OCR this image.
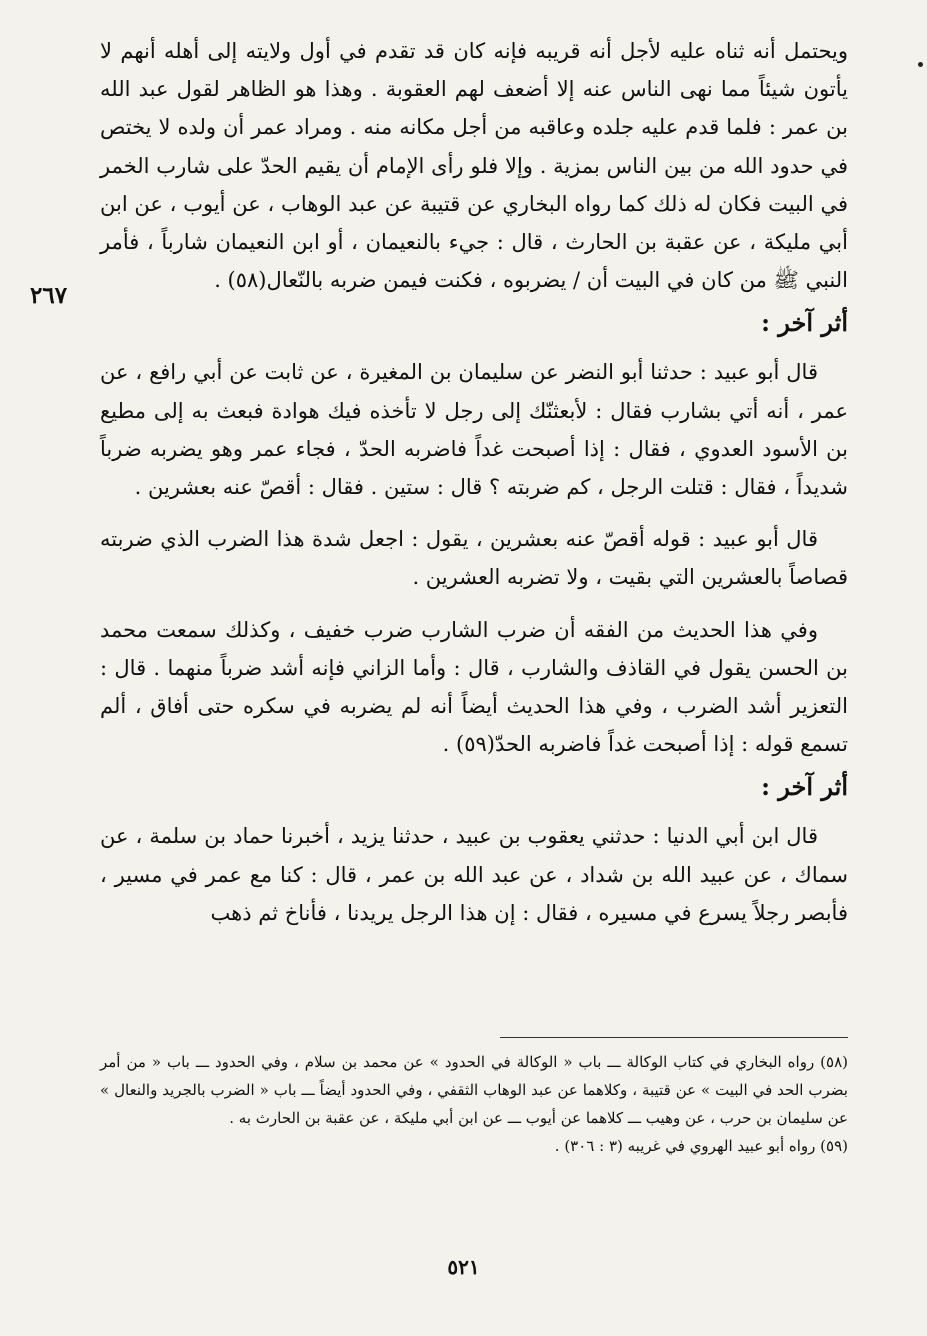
٢٦٧

ويحتمل أنه ثناه عليه لأجل أنه قريبه فإنه كان قد تقدم في أول ولايته إلى أهله أنهم لا يأتون شيئاً مما نهى الناس عنه إلا أضعف لهم العقوبة . وهذا هو الظاهر لقول عبد الله بن عمر : فلما قدم عليه جلده وعاقبه من أجل مكانه منه . ومراد عمر أن ولده لا يختص في حدود الله من بين الناس بمزية . وإلا فلو رأى الإمام أن يقيم الحدّ على شارب الخمر في البيت فكان له ذلك كما رواه البخاري عن قتيبة عن عبد الوهاب ، عن أيوب ، عن ابن أبي مليكة ، عن عقبة بن الحارث ، قال : جيء بالنعيمان ، أو ابن النعيمان شارباً ، فأمر النبي ﷺ من كان في البيت أن / يضربوه ، فكنت فيمن ضربه بالنّعال(٥٨) .

أثر آخر :

قال أبو عبيد : حدثنا أبو النضر عن سليمان بن المغيرة ، عن ثابت عن أبي رافع ، عن عمر ، أنه أتي بشارب فقال : لأبعثنّك إلى رجل لا تأخذه فيك هوادة فبعث به إلى مطيع بن الأسود العدوي ، فقال : إذا أصبحت غداً فاضربه الحدّ ، فجاء عمر وهو يضربه ضرباً شديداً ، فقال : قتلت الرجل ، كم ضربته ؟ قال : ستين . فقال : أقصّ عنه بعشرين .

قال أبو عبيد : قوله أقصّ عنه بعشرين ، يقول : اجعل شدة هذا الضرب الذي ضربته قصاصاً بالعشرين التي بقيت ، ولا تضربه العشرين .

وفي هذا الحديث من الفقه أن ضرب الشارب ضرب خفيف ، وكذلك سمعت محمد بن الحسن يقول في القاذف والشارب ، قال : وأما الزاني فإنه أشد ضرباً منهما . قال : التعزير أشد الضرب ، وفي هذا الحديث أيضاً أنه لم يضربه في سكره حتى أفاق ، ألم تسمع قوله : إذا أصبحت غداً فاضربه الحدّ(٥٩) .

أثر آخر :

قال ابن أبي الدنيا : حدثني يعقوب بن عبيد ، حدثنا يزيد ، أخبرنا حماد بن سلمة ، عن سماك ، عن عبيد الله بن شداد ، عن عبد الله بن عمر ، قال : كنا مع عمر في مسير ، فأبصر رجلاً يسرع في مسيره ، فقال : إن هذا الرجل يريدنا ، فأناخ ثم ذهب

(٥٨) رواه البخاري في كتاب الوكالة ـــ باب « الوكالة في الحدود » عن محمد بن سلام ، وفي الحدود ـــ باب « من أمر بضرب الحد في البيت » عن قتيبة ، وكلاهما عن عبد الوهاب الثقفي ، وفي الحدود أيضاً ـــ باب « الضرب بالجريد والنعال » عن سليمان بن حرب ، عن وهيب ـــ كلاهما عن أيوب ـــ عن ابن أبي مليكة ، عن عقبة بن الحارث به .

(٥٩) رواه أبو عبيد الهروي في غريبه (٣ : ٣٠٦) .

٥٢١
